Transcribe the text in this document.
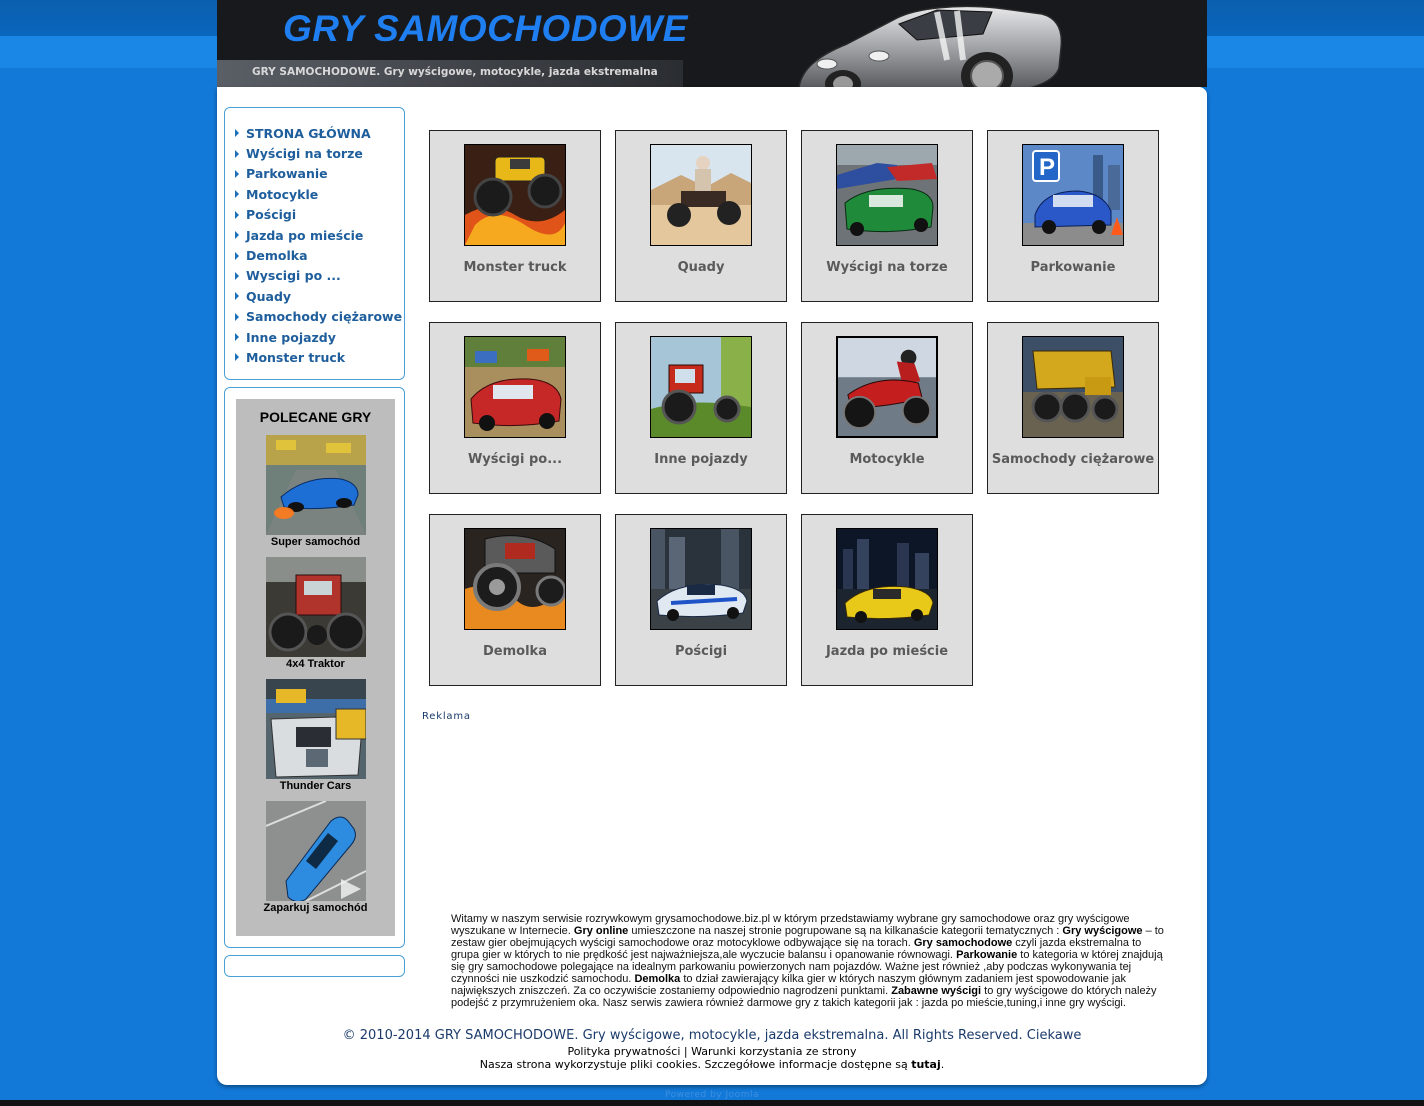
GRY SAMOCHODOWE
GRY SAMOCHODOWE. Gry wyścigowe, motocykle, jazda ekstremalna
STRONA GŁÓWNA
Wyścigi na torze
Parkowanie
Motocykle
Pościgi
Jazda po mieście
Demolka
Wyscigi po ...
Quady
Samochody ciężarowe
Inne pojazdy
Monster truck
POLECANE GRY
Super samochód
4x4 Traktor
Thunder Cars
Zaparkuj samochód
Monster truck	Quady	Wyścigi na torze
P
Parkowanie
Wyścigi po...	Inne pojazdy	Motocykle	Samochody ciężarowe
Demolka	Pościgi	Jazda po mieście
Reklama
Witamy w naszym serwisie rozrywkowym grysamochodowe.biz.pl w którym przedstawiamy wybrane gry samochodowe oraz gry wyścigowe wyszukane w Internecie. Gry online umieszczone na naszej stronie pogrupowane są na kilkanaście kategorii tematycznych : Gry wyścigowe – to zestaw gier obejmujących wyścigi samochodowe oraz motocyklowe odbywające się na torach. Gry samochodowe czyli jazda ekstremalna to grupa gier w których to nie prędkość jest najważniejsza,ale wyczucie balansu i opanowanie równowagi. Parkowanie to kategoria w której znajdują się gry samochodowe polegające na idealnym parkowaniu powierzonych nam pojazdów. Ważne jest również ,aby podczas wykonywania tej czynności nie uszkodzić samochodu. Demolka to dział zawierający kilka gier w których naszym głównym zadaniem jest spowodowanie jak największych zniszczeń. Za co oczywiście zostaniemy odpowiednio nagrodzeni punktami. Zabawne wyścigi to gry wyścigowe do których należy podejść z przymrużeniem oka. Nasz serwis zawiera również darmowe gry z takich kategorii jak : jazda po mieście,tuning,i inne gry wyścigi.
© 2010-2014 GRY SAMOCHODOWE. Gry wyścigowe, motocykle, jazda ekstremalna. All Rights Reserved. Ciekawe
Polityka prywatności | Warunki korzystania ze strony
Nasza strona wykorzystuje pliki cookies. Szczegółowe informacje dostępne są tutaj.
Powered by Joomla
